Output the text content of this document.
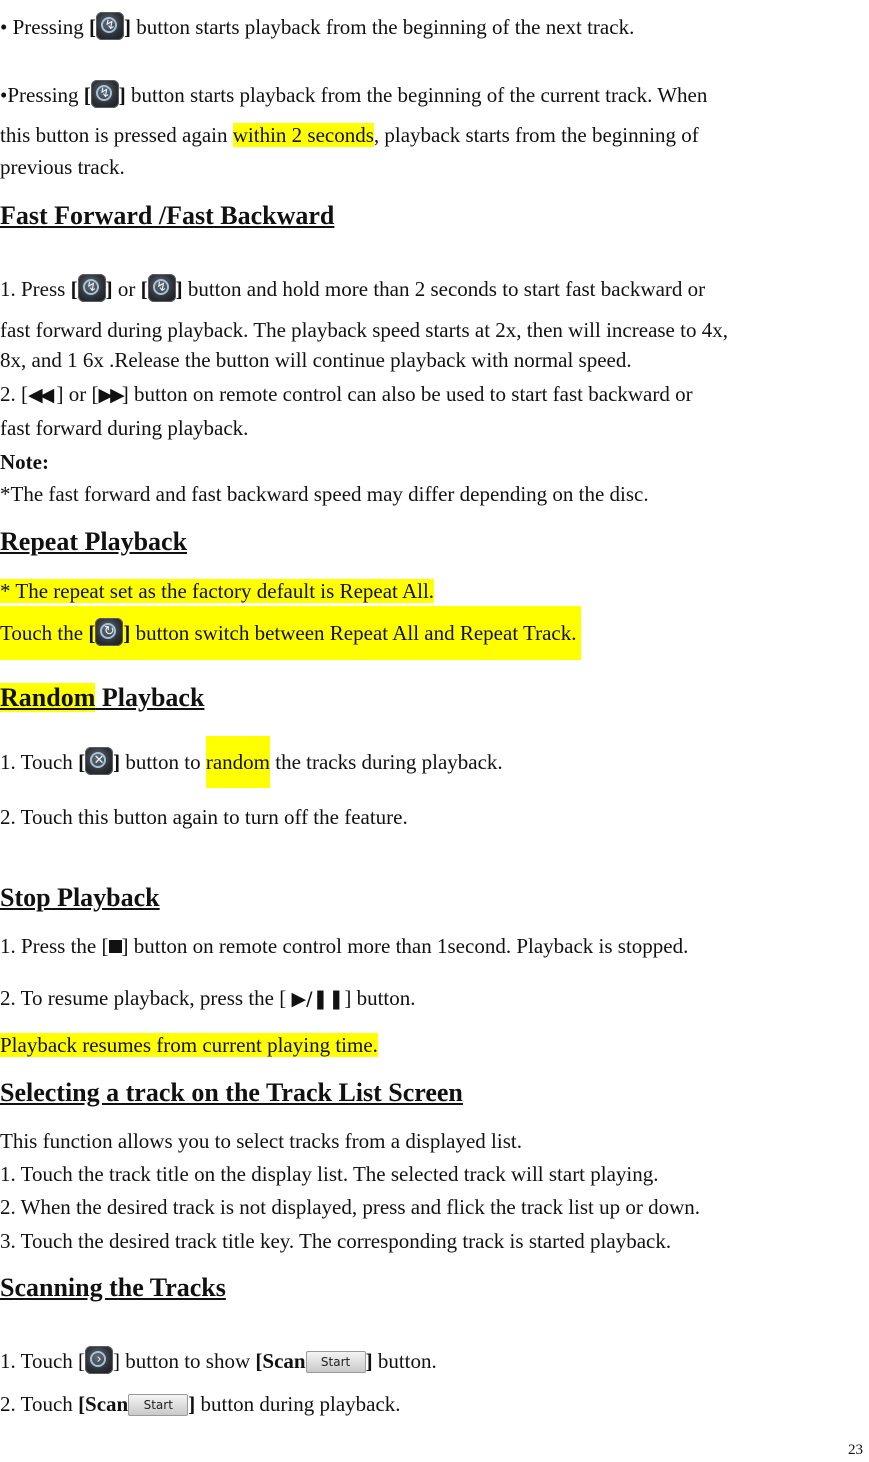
• Pressing [ ↯ ] button starts playback from the beginning of the next track.
•Pressing [ ↯ ] button starts playback from the beginning of the current track. When
this button is pressed again within 2 seconds, playback starts from the beginning of
previous track.
Fast Forward /Fast Backward
1. Press [ ↯ ] or [ ↯ ] button and hold more than 2 seconds to start fast backward or
fast forward during playback. The playback speed starts at 2x, then will increase to 4x,
8x, and 1 6x .Release the button will continue playback with normal speed.
2. [◀◀ ] or [▶▶] button on remote control can also be used to start fast backward or
fast forward during playback.
Note:
*The fast forward and fast backward speed may differ depending on the disc.
Repeat Playback
* The repeat set as the factory default is Repeat All.
Touch the [ ↻ ] button switch between Repeat All and Repeat Track.
Random Playback
1. Touch [ ✕ ] button to random the tracks during playback.
2. Touch this button again to turn off the feature.
Stop Playback
1. Press the [ ] button on remote control more than 1second. Playback is stopped.
2. To resume playback, press the [ ▶/❚❚] button.
Playback resumes from current playing time.
Selecting a track on the Track List Screen
This function allows you to select tracks from a displayed list.
1. Touch the track title on the display list. The selected track will start playing.
2. When the desired track is not displayed, press and flick the track list up or down.
3. Touch the desired track title key. The corresponding track is started playback.
Scanning the Tracks
1. Touch [ › ] button to show [Scan Start ] button.
2. Touch [Scan Start ] button during playback.
23
